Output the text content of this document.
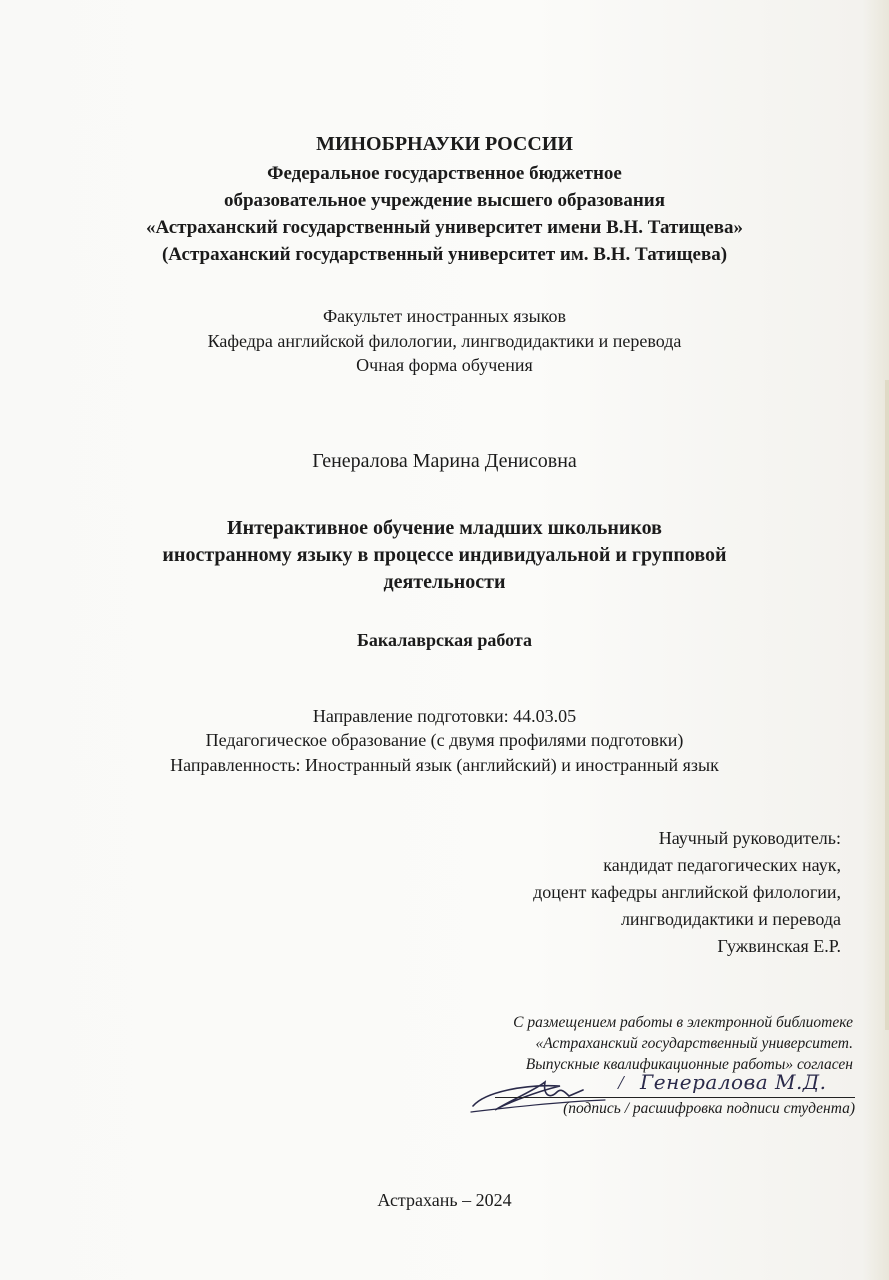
МИНОБРНАУКИ РОССИИ
Федеральное государственное бюджетное
образовательное учреждение высшего образования
«Астраханский государственный университет имени В.Н. Татищева»
(Астраханский государственный университет им. В.Н. Татищева)
Факультет иностранных языков
Кафедра английской филологии, лингводидактики и перевода
Очная форма обучения
Генералова Марина Денисовна
Интерактивное обучение младших школьников
иностранному языку в процессе индивидуальной и групповой
деятельности
Бакалаврская работа
Направление подготовки: 44.03.05
Педагогическое образование (с двумя профилями подготовки)
Направленность: Иностранный язык (английский) и иностранный язык
Научный руководитель:
кандидат педагогических наук,
доцент кафедры английской филологии,
лингводидактики и перевода
Гужвинская Е.Р.
С размещением работы в электронной библиотеке
«Астраханский государственный университет.
Выпускные квалификационные работы» согласен
/ Генералова М.Д.
(подпись / расшифровка подписи студента)
Астрахань – 2024
